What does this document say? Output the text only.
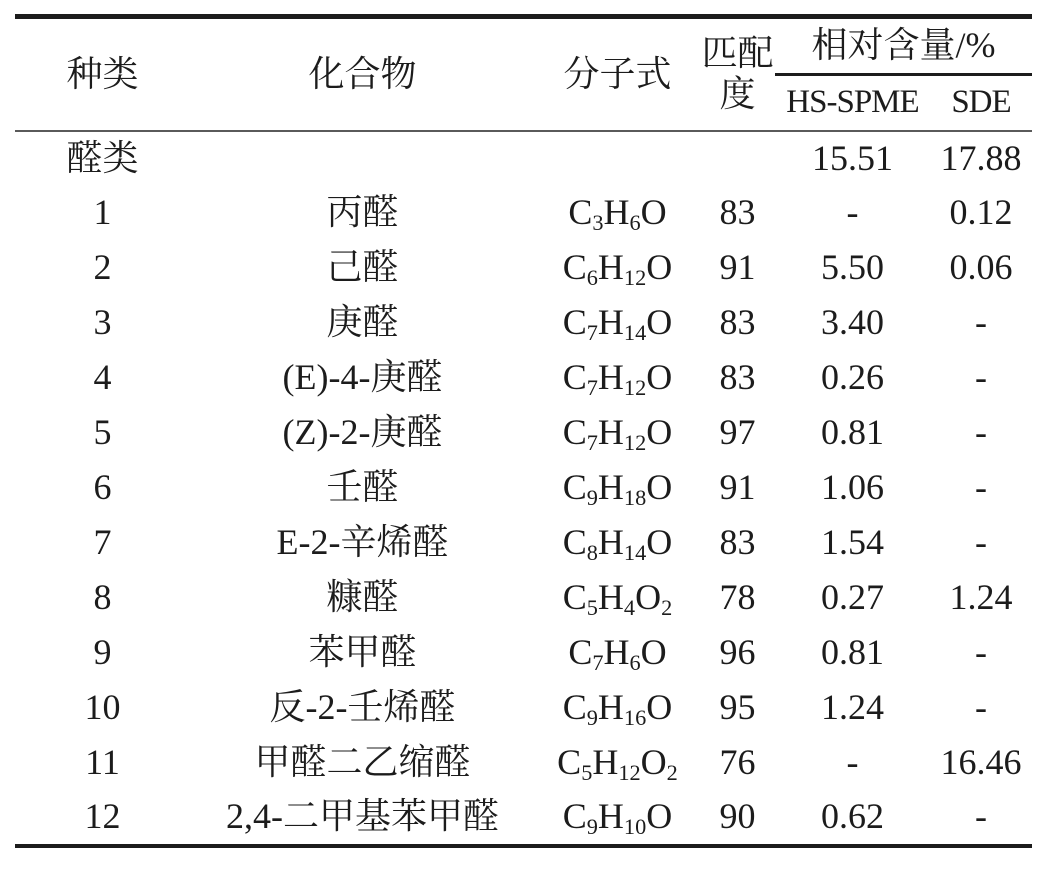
种类	化合物	分子式	匹配度	相对含量/%	
				HS-SPME	SDE
醛类				15.51	17.88
1	丙醛	$C_3H_6O$	83	-	0.12
2	己醛	$C_6H_{12}O$	91	5.50	0.06
3	庚醛	$C_7H_{14}O$	83	3.40	-
4	(E)-4-庚醛	$C_7H_{12}O$	83	0.26	-
5	(Z)-2-庚醛	$C_7H_{12}O$	97	0.81	-
6	壬醛	$C_9H_{18}O$	91	1.06	-
7	E-2-辛烯醛	$C_8H_{14}O$	83	1.54	-
8	糠醛	$C_5H_4O_2$	78	0.27	1.24
9	苯甲醛	$C_7H_6O$	96	0.81	-
10	反-2-壬烯醛	$C_9H_{16}O$	95	1.24	-
11	甲醛二乙缩醛	$C_5H_{12}O_2$	76	-	16.46
12	2,4-二甲基苯甲醛	$C_9H_{10}O$	90	0.62	-
